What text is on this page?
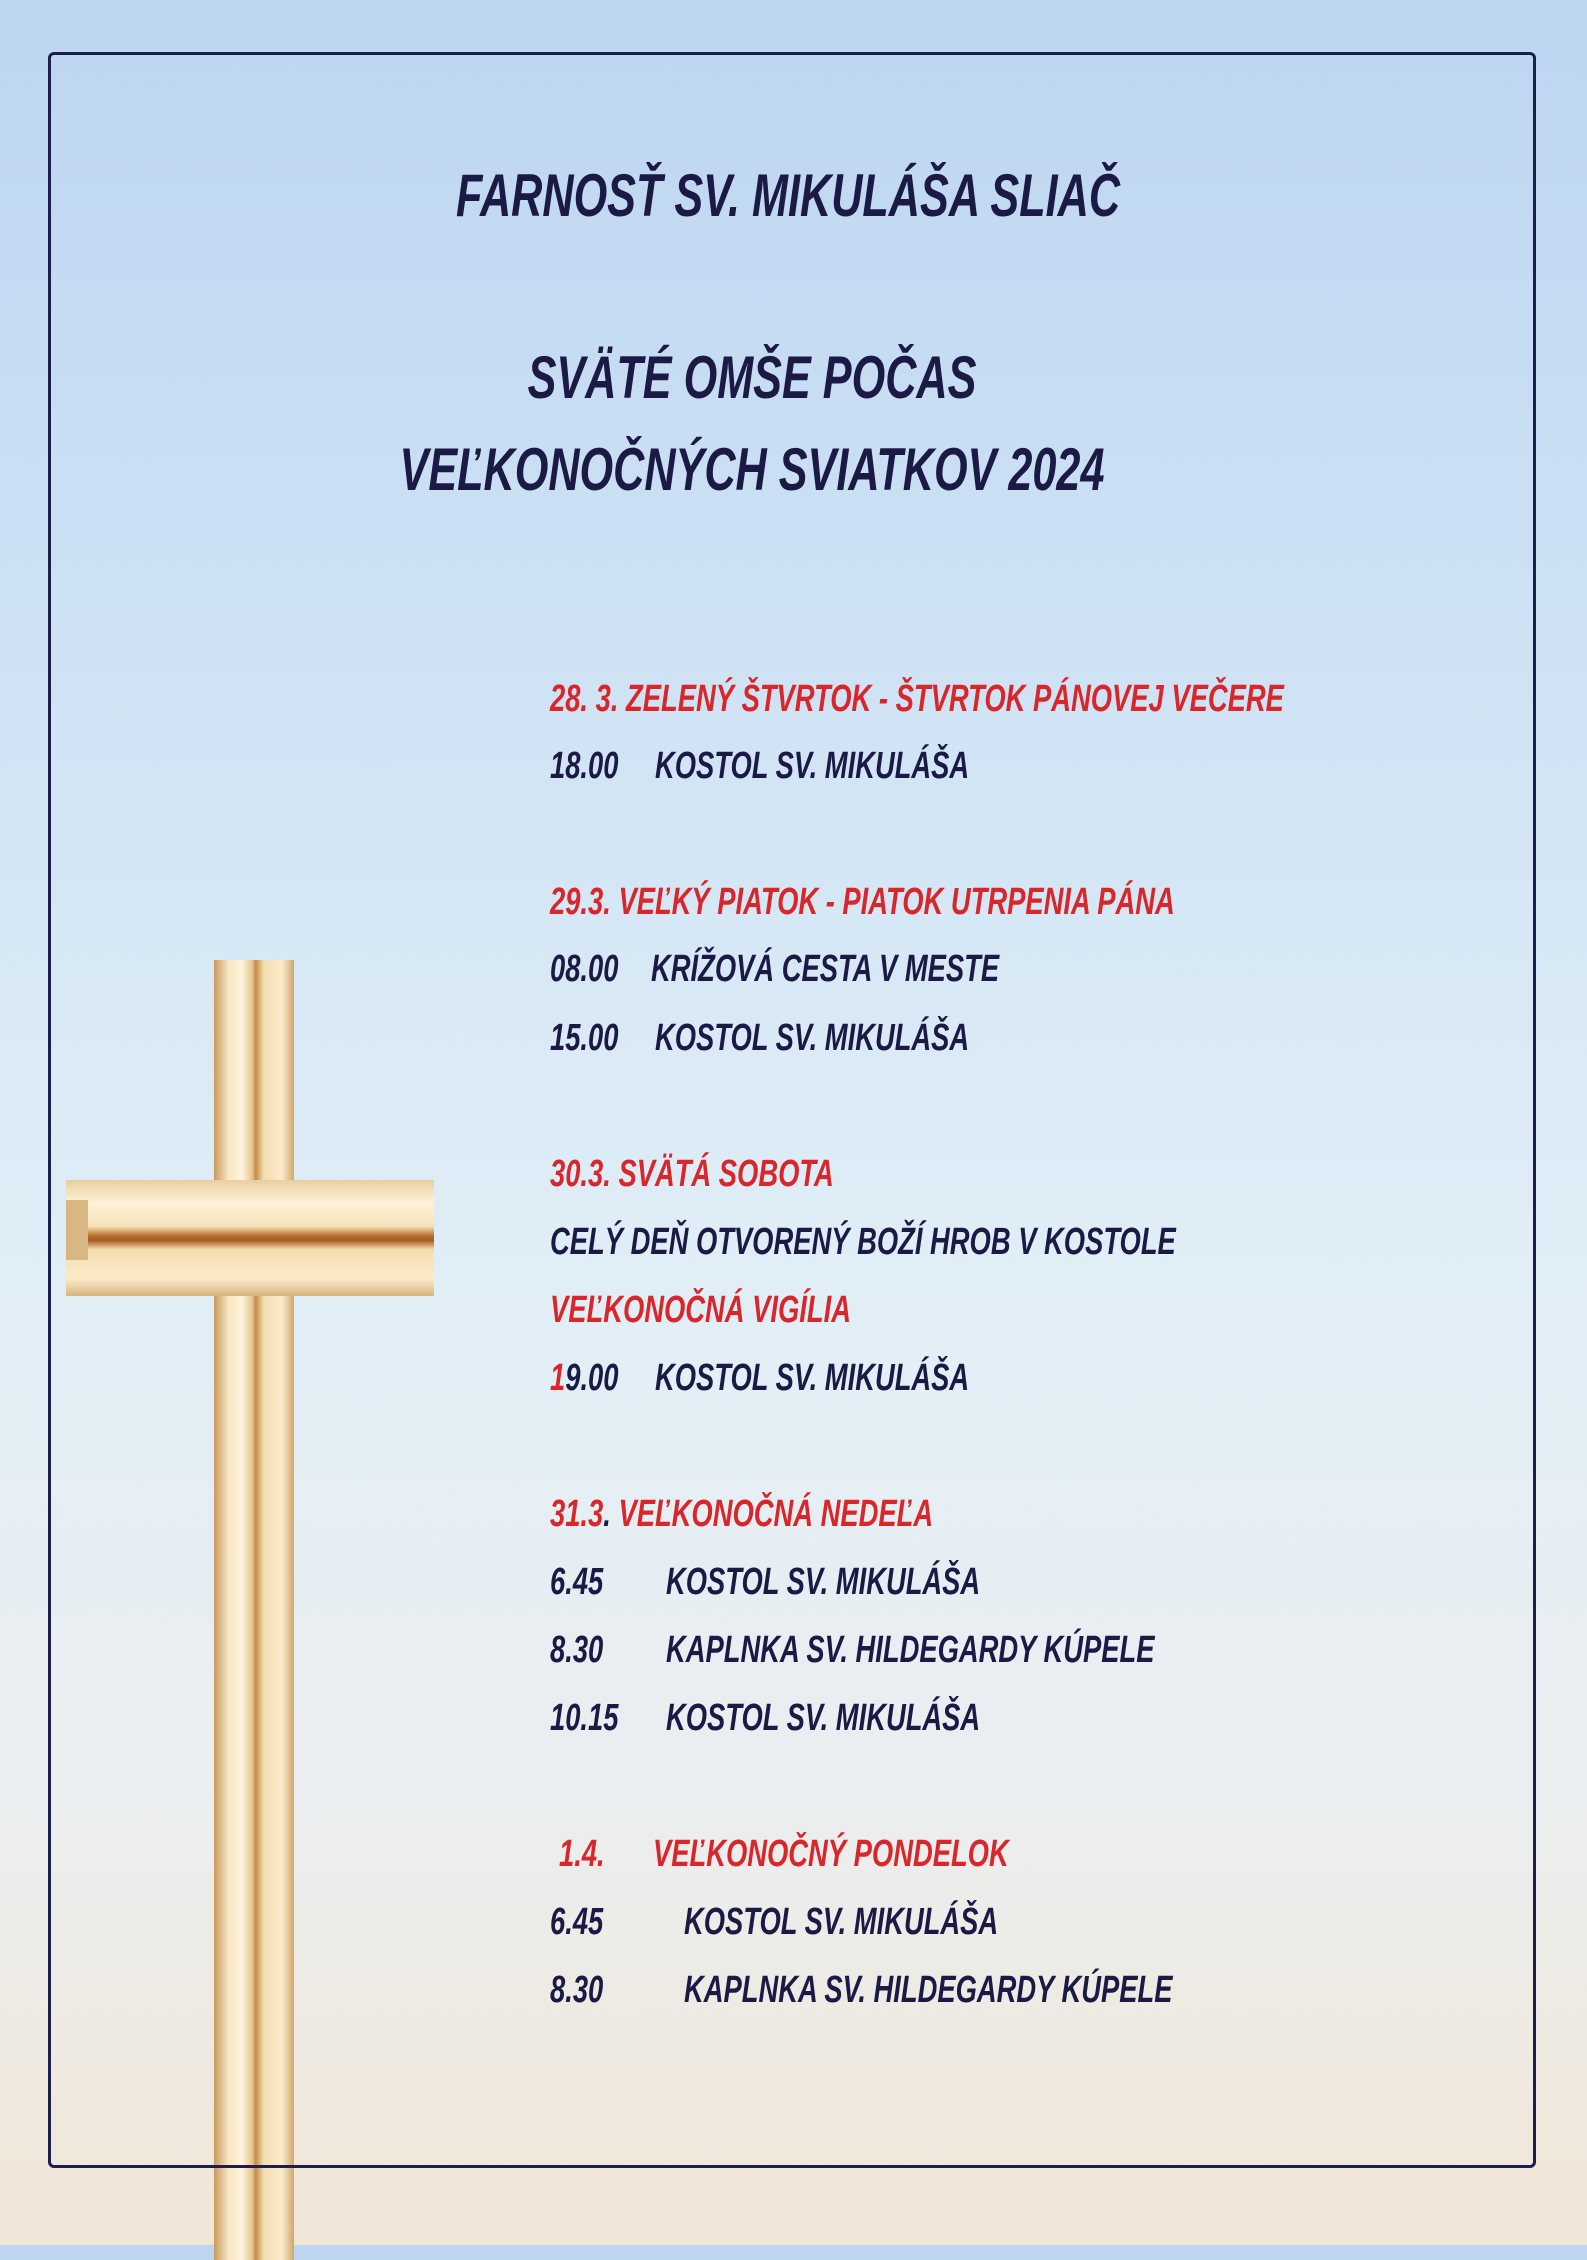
FARNOSŤ SV. MIKULÁŠA SLIAČ
SVÄTÉ OMŠE POČAS
VEĽKONOČNÝCH SVIATKOV 2024
28. 3. ZELENÝ ŠTVRTOK - ŠTVRTOK PÁNOVEJ VEČERE
18.00 KOSTOL SV. MIKULÁŠA
29.3. VEĽKÝ PIATOK - PIATOK UTRPENIA PÁNA
08.00 KRÍŽOVÁ CESTA V MESTE
15.00 KOSTOL SV. MIKULÁŠA
30.3. SVÄTÁ SOBOTA
CELÝ DEŇ OTVORENÝ BOŽÍ HROB V KOSTOLE
VEĽKONOČNÁ VIGÍLIA
19.00 KOSTOL SV. MIKULÁŠA
31.3. VEĽKONOČNÁ NEDEĽA
6.45 KOSTOL SV. MIKULÁŠA
8.30 KAPLNKA SV. HILDEGARDY KÚPELE
10.15 KOSTOL SV. MIKULÁŠA
1.4. VEĽKONOČNÝ PONDELOK
6.45 KOSTOL SV. MIKULÁŠA
8.30 KAPLNKA SV. HILDEGARDY KÚPELE
